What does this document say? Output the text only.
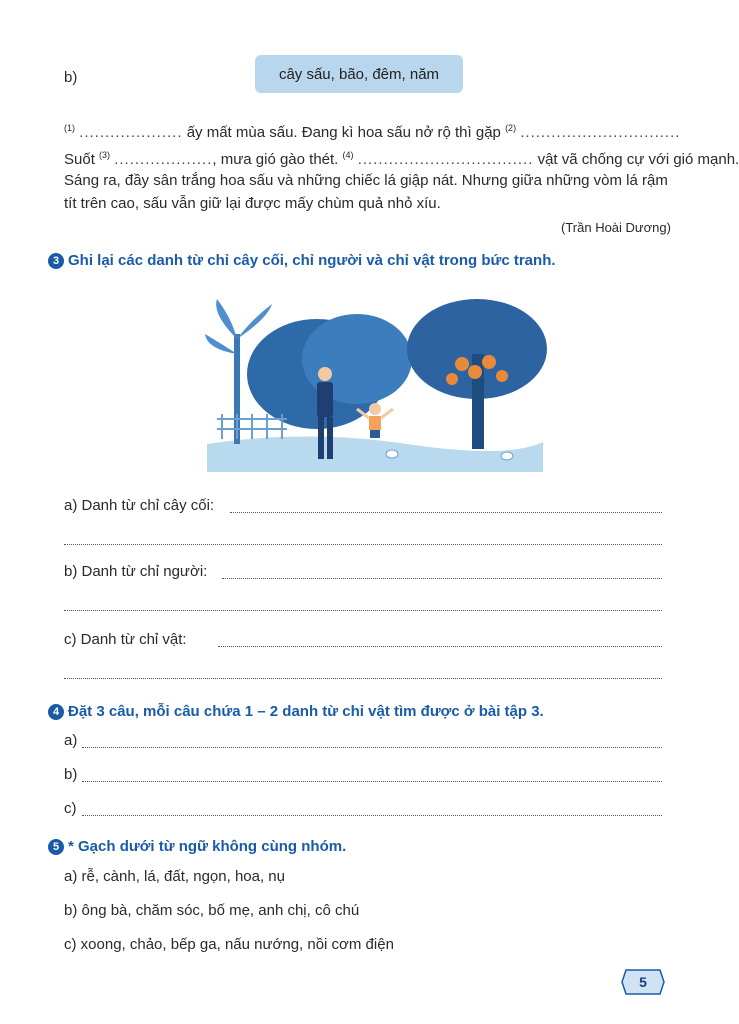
b)	cây sấu, bão, đêm, năm
$^{(1)}$ .................... ấy mất mùa sấu. Đang kì hoa sấu nở rộ thì gặp $^{(2)}$ ...............................
Suốt $^{(3)}$ ..................., mưa gió gào thét. $^{(4)}$ .................................. vật vã chống cự với gió mạnh.
Sáng ra, đầy sân trắng hoa sấu và những chiếc lá giập nát. Nhưng giữa những vòm lá rậm
tít trên cao, sấu vẫn giữ lại được mấy chùm quả nhỏ xíu.
(Trần Hoài Dương)
3 Ghi lại các danh từ chỉ cây cối, chỉ người và chỉ vật trong bức tranh.
a) Danh từ chỉ cây cối:
b) Danh từ chỉ người:
c) Danh từ chỉ vật:
4 Đặt 3 câu, mỗi câu chứa 1 – 2 danh từ chỉ vật tìm được ở bài tập 3.
a)
b)
c)
5 * Gạch dưới từ ngữ không cùng nhóm.
a) rễ, cành, lá, đất, ngọn, hoa, nụ
b) ông bà, chăm sóc, bố mẹ, anh chị, cô chú
c) xoong, chảo, bếp ga, nấu nướng, nồi cơm điện
5
